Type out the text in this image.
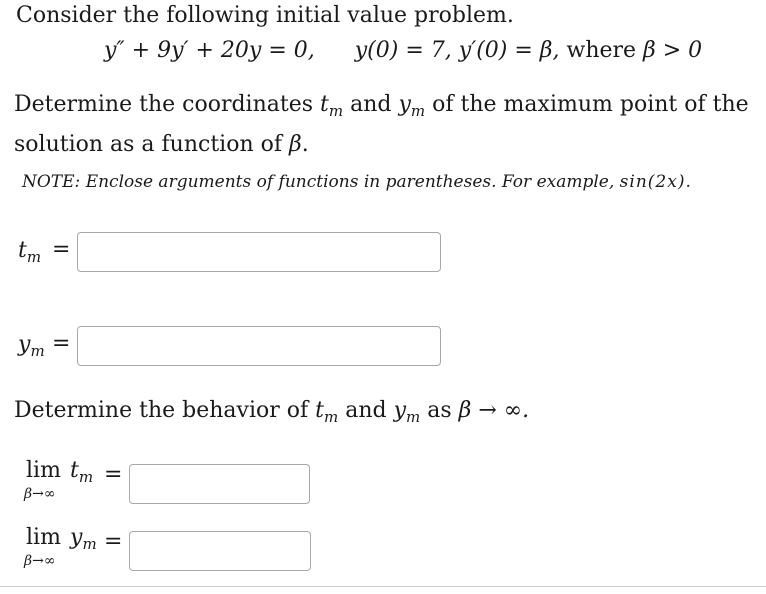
Consider the following initial value problem.
y″ + 9y′ + 20y = 0, y(0) = 7, y′(0) = β, where β > 0
Determine the coordinates $t_m$ and $y_m$ of the maximum point of the solution as a function of β.
NOTE: Enclose arguments of functions in parentheses. For example, sin(2x).
$t_m$ =
$y_m$ =
Determine the behavior of $t_m$ and $y_m$ as β → ∞.
$\lim t_m$
β→∞
=
$\lim y_m$
β→∞
=
